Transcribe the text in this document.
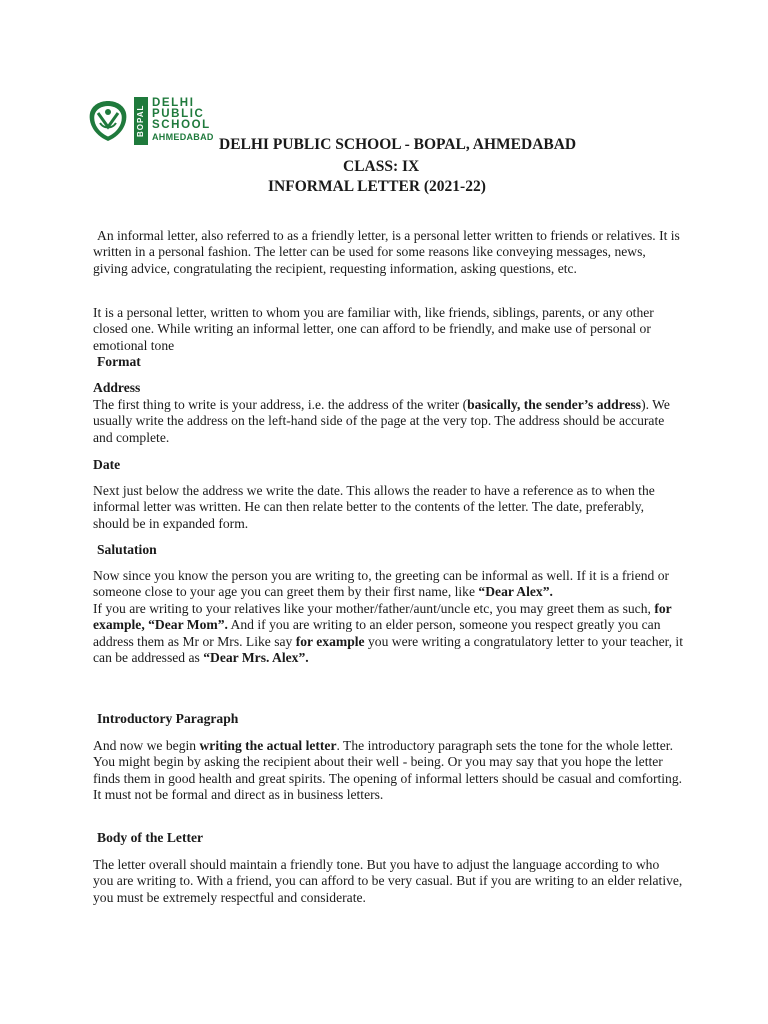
BOPAL
DELHI
PUBLIC
SCHOOL
AHMEDABAD DELHI PUBLIC SCHOOL - BOPAL, AHMEDABAD
CLASS: IX
INFORMAL LETTER (2021-22)
An informal letter, also referred to as a friendly letter, is a personal letter written to friends or relatives. It is written in a personal fashion. The letter can be used for some reasons like conveying messages, news, giving advice, congratulating the recipient, requesting information, asking questions, etc.
It is a personal letter, written to whom you are familiar with, like friends, siblings, parents, or any other closed one. While writing an informal letter, one can afford to be friendly, and make use of personal or emotional tone
Format
Address
The first thing to write is your address, i.e. the address of the writer (basically, the sender’s address). We usually write the address on the left-hand side of the page at the very top. The address should be accurate and complete.
Date
Next just below the address we write the date. This allows the reader to have a reference as to when the informal letter was written. He can then relate better to the contents of the letter. The date, preferably, should be in expanded form.
Salutation
Now since you know the person you are writing to, the greeting can be informal as well. If it is a friend or someone close to your age you can greet them by their first name, like “Dear Alex”.
If you are writing to your relatives like your mother/father/aunt/uncle etc, you may greet them as such, for example, “Dear Mom”. And if you are writing to an elder person, someone you respect greatly you can address them as Mr or Mrs. Like say for example you were writing a congratulatory letter to your teacher, it can be addressed as “Dear Mrs. Alex”.
Introductory Paragraph
And now we begin writing the actual letter. The introductory paragraph sets the tone for the whole letter. You might begin by asking the recipient about their well - being. Or you may say that you hope the letter finds them in good health and great spirits. The opening of informal letters should be casual and comforting. It must not be formal and direct as in business letters.
Body of the Letter
The letter overall should maintain a friendly tone. But you have to adjust the language according to who you are writing to. With a friend, you can afford to be very casual. But if you are writing to an elder relative, you must be extremely respectful and considerate.
